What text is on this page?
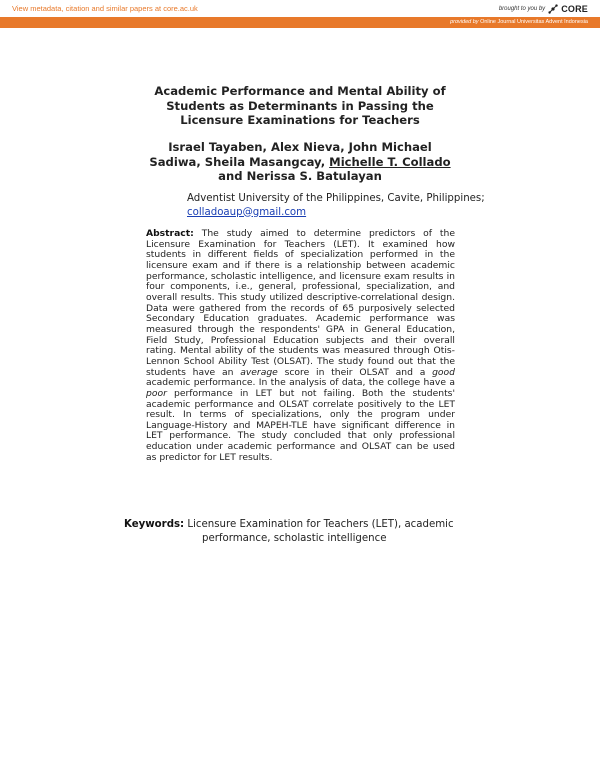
View metadata, citation and similar papers at core.ac.uk	brought to you by CORE
provided by Online Journal Universitas Advent Indonesia
Academic Performance and Mental Ability of
Students as Determinants in Passing the
Licensure Examinations for Teachers
Israel Tayaben, Alex Nieva, John Michael
Sadiwa, Sheila Masangcay, Michelle T. Collado
and Nerissa S. Batulayan
Adventist University of the Philippines, Cavite, Philippines;
colladoaup@gmail.com
Abstract: The study aimed to determine predictors of the Licensure Examination for Teachers (LET). It examined how students in different fields of specialization performed in the licensure exam and if there is a relationship between academic performance, scholastic intelligence, and licensure exam results in four components, i.e., general, professional, specialization, and overall results. This study utilized descriptive-correlational design. Data were gathered from the records of 65 purposively selected Secondary Education graduates. Academic performance was measured through the respondents' GPA in General Education, Field Study, Professional Education subjects and their overall rating. Mental ability of the students was measured through Otis-Lennon School Ability Test (OLSAT). The study found out that the students have an average score in their OLSAT and a good academic performance. In the analysis of data, the college have a poor performance in LET but not failing. Both the students' academic performance and OLSAT correlate positively to the LET result. In terms of specializations, only the program under Language-History and MAPEH-TLE have significant difference in LET performance. The study concluded that only professional education under academic performance and OLSAT can be used as predictor for LET results.
Keywords: Licensure Examination for Teachers (LET), academic
performance, scholastic intelligence
